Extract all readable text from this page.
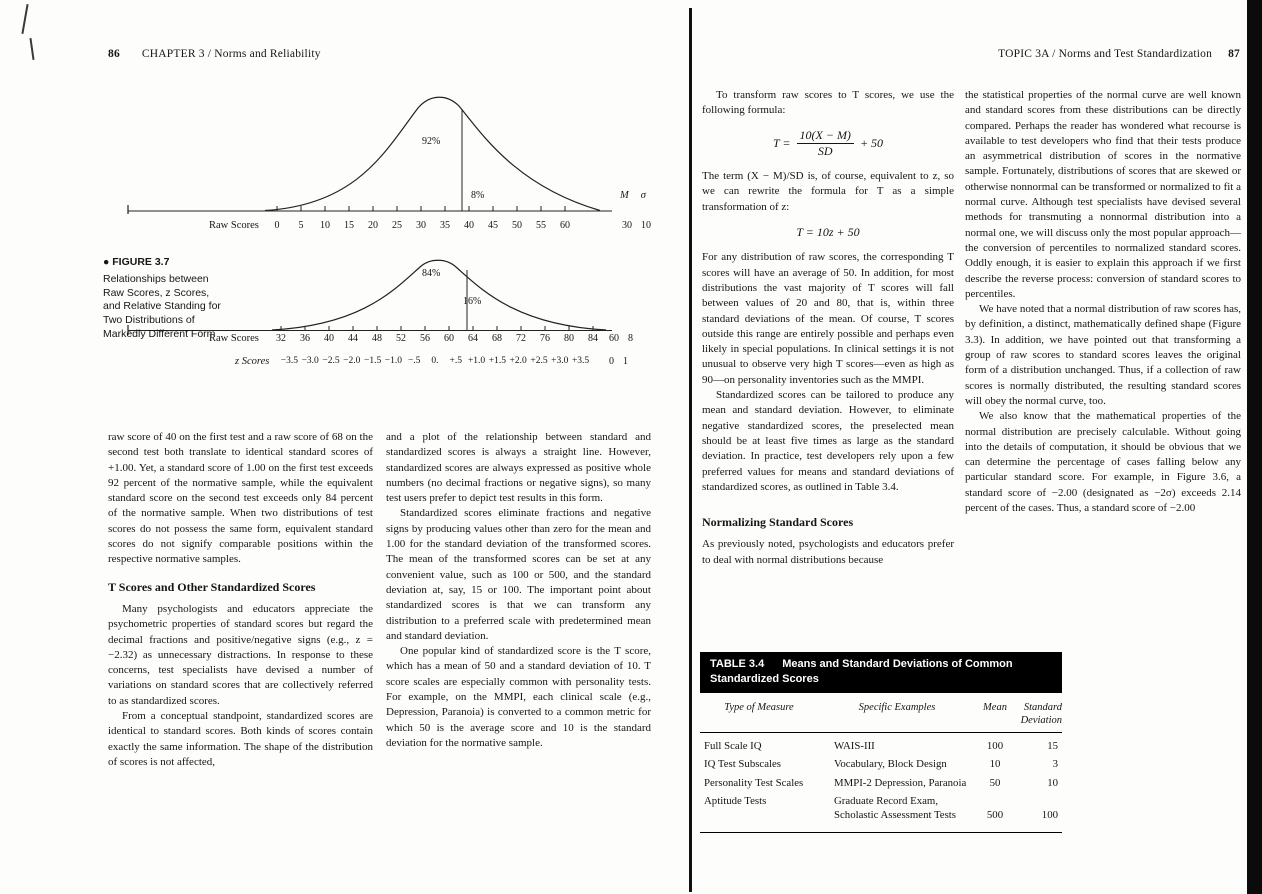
86 CHAPTER 3 / Norms and Reliability
92%
8%	M σ
Raw Scores	0	5	10	15	20	25	30	35	40	45	50	55	60	30 10
84%
16%
Raw Scores	32	36	40	44	48	52	56	60	64	68	72	76	80	84	60 8
z Scores −3.5 −3.0 −2.5 −2.0 −1.5 −1.0 −.5	0.	+.5 +1.0 +1.5 +2.0 +2.5 +3.0 +3.5 0 1
● FIGURE 3.7
Relationships between Raw Scores, z Scores, and Relative Standing for Two Distributions of Markedly Different Form

raw score of 40 on the first test and a raw score of 68 on the second test both translate to identical standard scores of +1.00. Yet, a standard score of 1.00 on the first test exceeds 92 percent of the normative sample, while the equivalent standard score on the second test exceeds only 84 percent of the normative sample. When two distributions of test scores do not possess the same form, equivalent standard scores do not signify comparable positions within the respective normative samples.

T Scores and Other Standardized Scores

Many psychologists and educators appreciate the psychometric properties of standard scores but regard the decimal fractions and positive/negative signs (e.g., z = −2.32) as unnecessary distractions. In response to these concerns, test specialists have devised a number of variations on standard scores that are collectively referred to as standardized scores.

From a conceptual standpoint, standardized scores are identical to standard scores. Both kinds of scores contain exactly the same information. The shape of the distribution of scores is not affected,

and a plot of the relationship between standard and standardized scores is always a straight line. However, standardized scores are always expressed as positive whole numbers (no decimal fractions or negative signs), so many test users prefer to depict test results in this form.

Standardized scores eliminate fractions and negative signs by producing values other than zero for the mean and 1.00 for the standard deviation of the transformed scores. The mean of the transformed scores can be set at any convenient value, such as 100 or 500, and the standard deviation at, say, 15 or 100. The important point about standardized scores is that we can transform any distribution to a preferred scale with predetermined mean and standard deviation.

One popular kind of standardized score is the T score, which has a mean of 50 and a standard deviation of 10. T score scales are especially common with personality tests. For example, on the MMPI, each clinical scale (e.g., Depression, Paranoia) is converted to a common metric for which 50 is the average score and 10 is the standard deviation for the normative sample.

TOPIC 3A / Norms and Test Standardization 87

To transform raw scores to T scores, we use the following formula:

$T = \frac{10(X - M)}{SD} + 50$

The term (X − M)/SD is, of course, equivalent to z, so we can rewrite the formula for T as a simple transformation of z:

T = 10z + 50

For any distribution of raw scores, the corresponding T scores will have an average of 50. In addition, for most distributions the vast majority of T scores will fall between values of 20 and 80, that is, within three standard deviations of the mean. Of course, T scores outside this range are entirely possible and perhaps even likely in special populations. In clinical settings it is not unusual to observe very high T scores—even as high as 90—on personality inventories such as the MMPI.

Standardized scores can be tailored to produce any mean and standard deviation. However, to eliminate negative standardized scores, the preselected mean should be at least five times as large as the standard deviation. In practice, test developers rely upon a few preferred values for means and standard deviations of standardized scores, as outlined in Table 3.4.

Normalizing Standard Scores

As previously noted, psychologists and educators prefer to deal with normal distributions because

the statistical properties of the normal curve are well known and standard scores from these distributions can be directly compared. Perhaps the reader has wondered what recourse is available to test developers who find that their tests produce an asymmetrical distribution of scores in the normative sample. Fortunately, distributions of scores that are skewed or otherwise nonnormal can be transformed or normalized to fit a normal curve. Although test specialists have devised several methods for transmuting a nonnormal distribution into a normal one, we will discuss only the most popular approach—the conversion of percentiles to normalized standard scores. Oddly enough, it is easier to explain this approach if we first describe the reverse process: conversion of standard scores to percentiles.

We have noted that a normal distribution of raw scores has, by definition, a distinct, mathematically defined shape (Figure 3.3). In addition, we have pointed out that transforming a group of raw scores to standard scores leaves the original form of a distribution unchanged. Thus, if a collection of raw scores is normally distributed, the resulting standard scores will obey the normal curve, too.

We also know that the mathematical properties of the normal distribution are precisely calculable. Without going into the details of computation, it should be obvious that we can determine the percentage of cases falling below any particular standard score. For example, in Figure 3.6, a standard score of −2.00 (designated as −2σ) exceeds 2.14 percent of the cases. Thus, a standard score of −2.00

TABLE 3.4 Means and Standard Deviations of Common Standardized Scores
Type of Measure	Specific Examples	Mean	Standard Deviation
Full Scale IQ	WAIS-III	100	15
IQ Test Subscales	Vocabulary, Block Design	10	3
Personality Test Scales	MMPI-2 Depression, Paranoia	50	10
Aptitude Tests	Graduate Record Exam, Scholastic Assessment Tests	500	100
